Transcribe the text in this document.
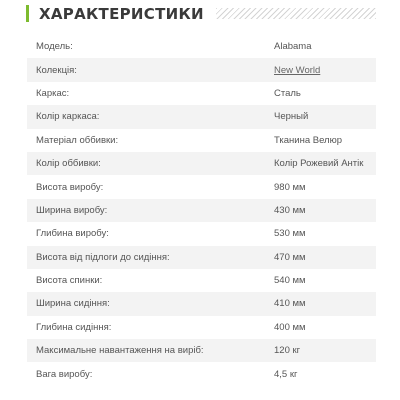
ХАРАКТЕРИСТИКИ
Модель:	Alabama
Колекція:	New World
Каркас:	Сталь
Колір каркаса:	Черный
Матеріал оббивки:	Тканина Велюр
Колір оббивки:	Колір Рожевий Антік
Висота виробу:	980 мм
Ширина виробу:	430 мм
Глибина виробу:	530 мм
Висота від підлоги до сидіння:	470 мм
Висота спинки:	540 мм
Ширина сидіння:	410 мм
Глибина сидіння:	400 мм
Максимальне навантаження на виріб:	120 кг
Вага виробу:	4,5 кг
